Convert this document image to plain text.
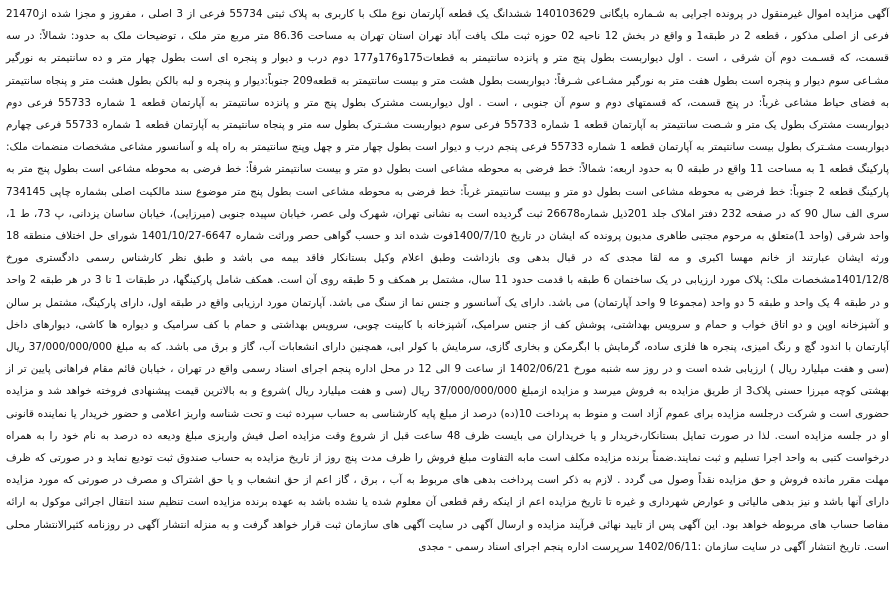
آگهی مزایده اموال غیرمنقول در پرونده اجرایی به شـماره بایگانی 140103629 ششدانگ یک قطعه آپارتمان نوع ملک با کاربری به پلاک ثبتی 55734 فرعی از 3 اصلی ، مفروز و مجزا شده از21470 فرعی از اصلی مذکور ، قطعه 2 در طبقه1 و واقع در بخش 12 ناحیه 02 حوزه ثبت ملک یافت آباد تهران استان تهران به مساحت 86.36 متر مربع متر ملک ، توضیحات ملک به حدود: شمالاً: در سه قسمت، که قسـمت دوم آن شرقی ، است . اول دیواربست بطول پنج متر و پانزده سانتیمتر به قطعات175و176و177 دوم درب و دیوار و پنجره ای است بطول چهار متر و ده سانتیمتر به نورگیر مشـاعی سوم دیوار و پنجره است بطول هفت متر به نورگیر مشـاعی شـرقاً: دیواربست بطول هشت متر و بیست سانتیمتر به قطعه209 جنوباً:دیوار و پنجره و لبه بالکن بطول هشت متر و پنجاه سانتیمتر به فضای حیاط مشاعی غرباً: در پنج قسمت، که قسمتهای دوم و سوم آن جنوبی ، است . اول دیواربست مشترک بطول پنج متر و پانزده سانتیمتر به آپارتمان قطعه 1 شماره 55733 فرعی دوم دیواربست مشترک بطول یک متر و شـصت سانتیمتر به آپارتمان قطعه 1 شماره 55733 فرعی سوم دیواربست مشـترک بطول سه متر و پنجاه سانتیمتر به آپارتمان قطعه 1 شماره 55733 فرعی چهارم دیواربست مشـترک بطول بیست سانتیمتر به آپارتمان قطعه 1 شماره 55733 فرعی پنجم درب و دیوار است بطول چهار متر و چهل وپنج سانتیمتر به راه پله و آسانسور مشاعی مشخصات منضمات ملک: پارکینگ قطعه 1 به مساحت 11 واقع در طبقه 0 به حدود اربعه: شمالاً: خط فرضی به محوطه مشاعی است بطول دو متر و بیست سانتیمتر شرقاً: خط فرضی به محوطه مشاعی است بطول پنج متر به پارکینگ قطعه 2 جنوباً: خط فرضی به محوطه مشاعی است بطول دو متر و بیست سانتیمتر غرباً: خط فرضی به محوطه مشاعی است بطول پنج متر موضوع سند مالکیت اصلی بشماره چاپی 734145 سری الف سال 90 که در صفحه 232 دفتر املاک جلد 201ذیل شماره26678 ثبت گردیده است به نشانی تهران، شهرک ولی عصر، خیابان سپیده جنوبی (میرزایی)، خیابان ساسان یزدانی، پ 73، ط 1، واحد شرقی (واحد 1)متعلق به مرحوم مجتبی طاهری مدیون پرونده که ایشان در تاریخ 1400/7/10فوت شده اند و حسب گواهی حصر وراثت شماره 6647-1401/10/27 شورای حل اختلاف منطقه 18 ورثه ایشان عبارتند از خانم مهسا اکبری و مه لقا مجدی که در قبال بدهی وی بازداشت وطبق اعلام وکیل بستانکار فاقد بیمه می باشد و طبق نظر کارشناس رسمی دادگستری مورخ 1401/12/8مشخصات ملک: پلاک مورد ارزیابی در یک ساختمان 6 طبقه با قدمت حدود 11 سال، مشتمل بر همکف و 5 طبقه روی آن است. همکف شامل پارکینگها، در طبقات 1 تا 3 در هر طبقه 2 واحد و در طبقه 4 یک واحد و طبقه 5 دو واحد (مجموعا 9 واحد آپارتمان) می باشد. دارای یک آسانسور و جنس نما از سنگ می باشد. آپارتمان مورد ارزیابی واقع در طبقه اول، دارای پارکینگ، مشتمل بر سالن و آشپزخانه اوپن و دو اتاق خواب و حمام و سرویس بهداشتی، پوشش کف از جنس سرامیک، آشپزخانه با کابینت چوبی، سرویس بهداشتی و حمام با کف سرامیک و دیواره ها کاشی، دیوارهای داخل آپارتمان با اندود گچ و رنگ امیزی، پنجره ها فلزی ساده، گرمایش با ابگرمکن و بخاری گازی، سرمایش با کولر ابی، همچنین دارای انشعابات آب، گاز و برق می باشد. که به مبلغ 37/000/000/000 ریال (سی و هفت میلیارد ریال ) ارزیابی شده است و در روز سه شنبه مورخ 1402/06/21 از ساعت 9 الی 12 در محل اداره پنجم اجرای اسناد رسمی واقع در تهران ، خیابان قائم مقام فراهانی پایین تر از بهشتی کوچه میرزا حسنی پلاک3 از طریق مزایده به فروش میرسد و مزایده ازمبلغ 37/000/000/000 ریال (سی و هفت میلیارد ریال )شروع و به بالاترین قیمت پیشنهادی فروخته خواهد شد و مزایده حضوری است و شرکت درجلسه مزایده برای عموم آزاد است و منوط به پرداخت 10(ده) درصد از مبلغ پایه کارشناسی به حساب سپرده ثبت و تحت شناسه واریز اعلامی و حضور خریدار یا نماینده قانونی او در جلسه مزایده است. لذا در صورت تمایل بستانکار،خریدار و یا خریداران می بایست ظرف 48 ساعت قبل از شروع وقت مزایده اصل فیش واریزی مبلغ ودیعه ده درصد به نام خود را به همراه درخواست کتبی به واحد اجرا تسلیم و ثبت نمایند.ضمناً برنده مزایده مکلف است مابه التفاوت مبلغ فروش را ظرف مدت پنج روز از تاریخ مزایده به حساب صندوق ثبت تودیع نماید و در صورتی که ظرف مهلت مقرر مانده فروش و حق مزایده نقداً وصول می گردد . لازم به ذکر است پرداخت بدهی های مربوط به آب ، برق ، گاز اعم از حق انشعاب و یا حق اشتراک و مصرف در صورتی که مورد مزایده دارای آنها باشد و نیز بدهی مالیاتی و عوارض شهرداری و غیره تا تاریخ مزایده اعم از اینکه رقم قطعی آن معلوم شده یا نشده باشد به عهده برنده مزایده است تنظیم سند انتقال اجرائی موکول به ارائه مفاصا حساب های مربوطه خواهد بود. این آگهی پس از تایید نهائی فرآیند مزایده و ارسال آگهی در سایت آگهی های سازمان ثبت قرار خواهد گرفت و به منزله انتشار آگهی در روزنامه کثیرالانتشار محلی است. تاریخ انتشار آگهی در سایت سازمان :1402/06/11 سرپرست اداره پنجم اجرای اسناد رسمی - مجدی
